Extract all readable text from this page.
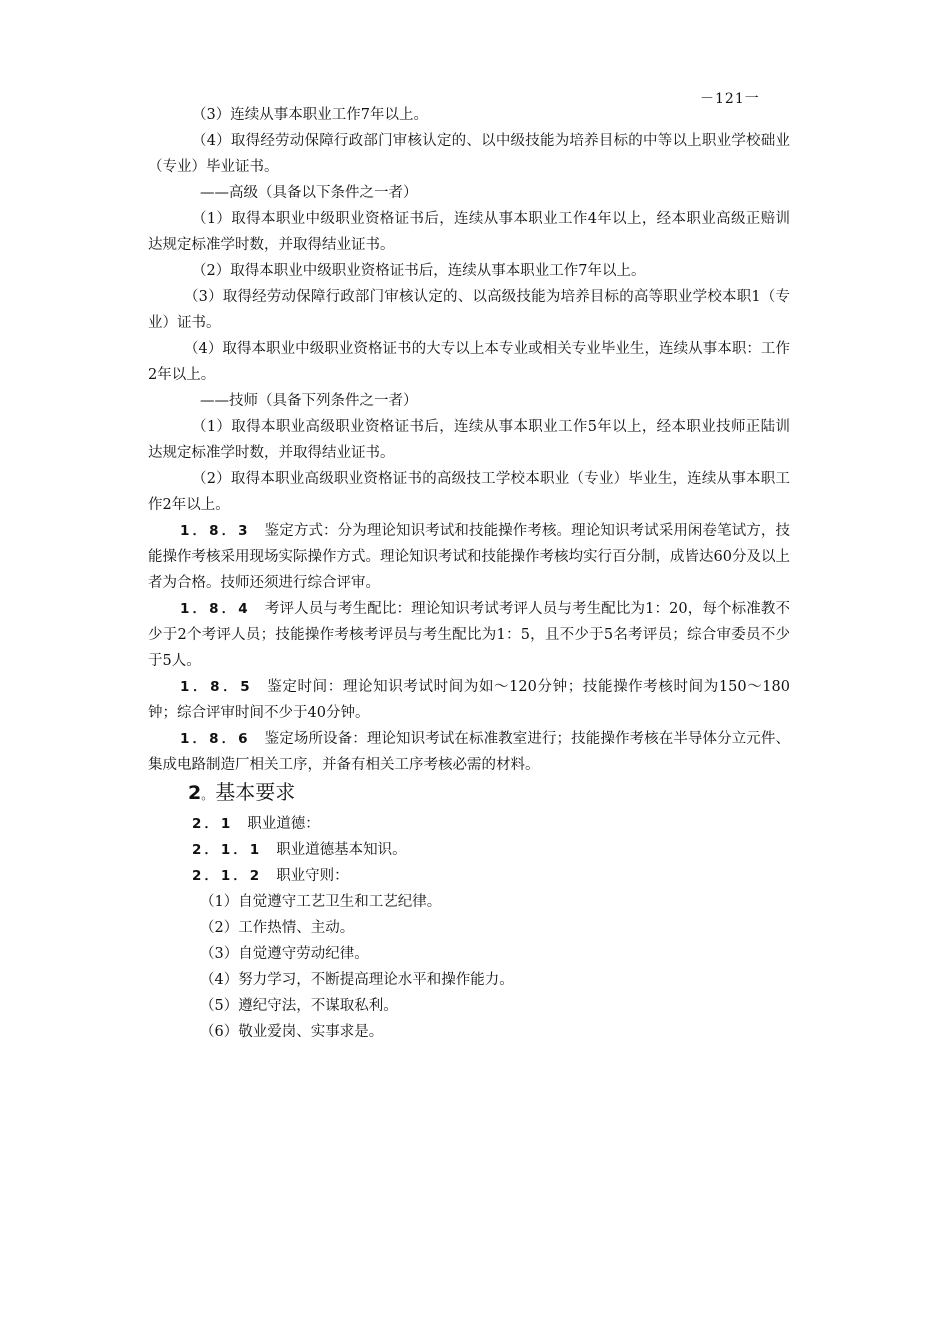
－121一

（3）连续从事本职业工作7年以上。

（4）取得经劳动保障行政部门审核认定的、以中级技能为培养目标的中等以上职业学校础业（专业）毕业证书。

——高级（具备以下条件之一者）

（1）取得本职业中级职业资格证书后，连续从事本职业工作4年以上，经本职业高级正赔训达规定标准学时数，并取得结业证书。

（2）取得本职业中级职业资格证书后，连续从事本职业工作7年以上。

（3）取得经劳动保障行政部门审核认定的、以高级技能为培养目标的高等职业学校本职1（专业）证书。

（4）取得本职业中级职业资格证书的大专以上本专业或相关专业毕业生，连续从事本职：工作2年以上。

——技师（具备下列条件之一者）

（1）取得本职业高级职业资格证书后，连续从事本职业工作5年以上，经本职业技师正陆训达规定标准学时数，并取得结业证书。

（2）取得本职业高级职业资格证书的高级技工学校本职业（专业）毕业生，连续从事本职工作2年以上。

1．8．3 鉴定方式：分为理论知识考试和技能操作考核。理论知识考试采用闲卷笔试方，技能操作考核采用现场实际操作方式。理论知识考试和技能操作考核均实行百分制，成皆达60分及以上者为合格。技师还须进行综合评审。

1．8．4 考评人员与考生配比：理论知识考试考评人员与考生配比为1：20，每个标准教不少于2个考评人员；技能操作考核考评员与考生配比为1：5，且不少于5名考评员；综合审委员不少于5人。

1．8．5 鉴定时间：理论知识考试时间为如～120分钟；技能操作考核时间为150～180钟；综合评审时间不少于40分钟。

1．8．6 鉴定场所设备：理论知识考试在标准教室进行；技能操作考核在半导体分立元件、集成电路制造厂相关工序，并备有相关工序考核必需的材料。

2。 基本要求

2．1 职业道德：

2．1．1 职业道德基本知识。

2．1．2 职业守则：

（1）自觉遵守工艺卫生和工艺纪律。

（2）工作热情、主动。

（3）自觉遵守劳动纪律。

（4）努力学习，不断提高理论水平和操作能力。

（5）遵纪守法，不谋取私利。

（6）敬业爱岗、实事求是。
